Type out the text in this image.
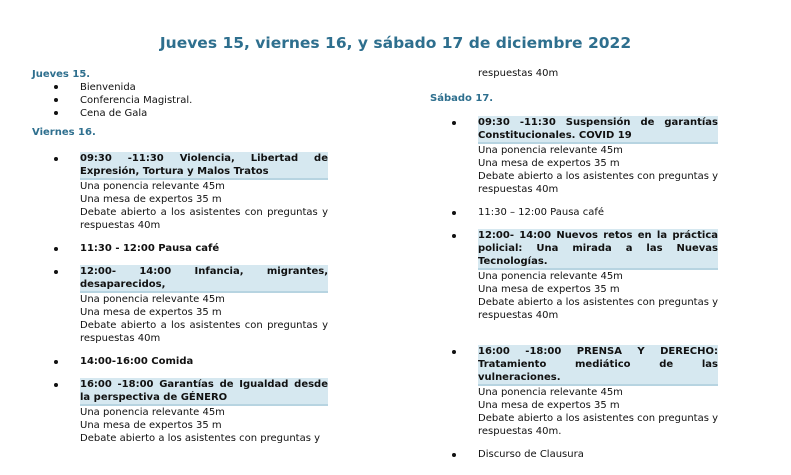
Jueves 15, viernes 16, y sábado 17 de diciembre 2022
Jueves 15.
Bienvenida
Conferencia Magistral.
Cena de Gala
Viernes 16.
09:30 -11:30 Violencia, Libertad de Expresión, Tortura y Malos Tratos
Una ponencia relevante 45m
Una mesa de expertos 35 m
Debate abierto a los asistentes con preguntas y respuestas 40m
11:30 - 12:00 Pausa café
12:00- 14:00 Infancia, migrantes, desaparecidos,
Una ponencia relevante 45m
Una mesa de expertos 35 m
Debate abierto a los asistentes con preguntas y respuestas 40m
14:00-16:00 Comida
16:00 -18:00 Garantías de Igualdad desde la perspectiva de GÉNERO
Una ponencia relevante 45m
Una mesa de expertos 35 m
Debate abierto a los asistentes con preguntas y
respuestas 40m
Sábado 17.
09:30 -11:30 Suspensión de garantías Constitucionales. COVID 19
Una ponencia relevante 45m
Una mesa de expertos 35 m
Debate abierto a los asistentes con preguntas y respuestas 40m
11:30 – 12:00 Pausa café
12:00- 14:00 Nuevos retos en la práctica policial: Una mirada a las Nuevas Tecnologías.
Una ponencia relevante 45m
Una mesa de expertos 35 m
Debate abierto a los asistentes con preguntas y respuestas 40m
16:00 -18:00 PRENSA Y DERECHO: Tratamiento mediático de las vulneraciones.
Una ponencia relevante 45m
Una mesa de expertos 35 m
Debate abierto a los asistentes con preguntas y respuestas 40m.
Discurso de Clausura
